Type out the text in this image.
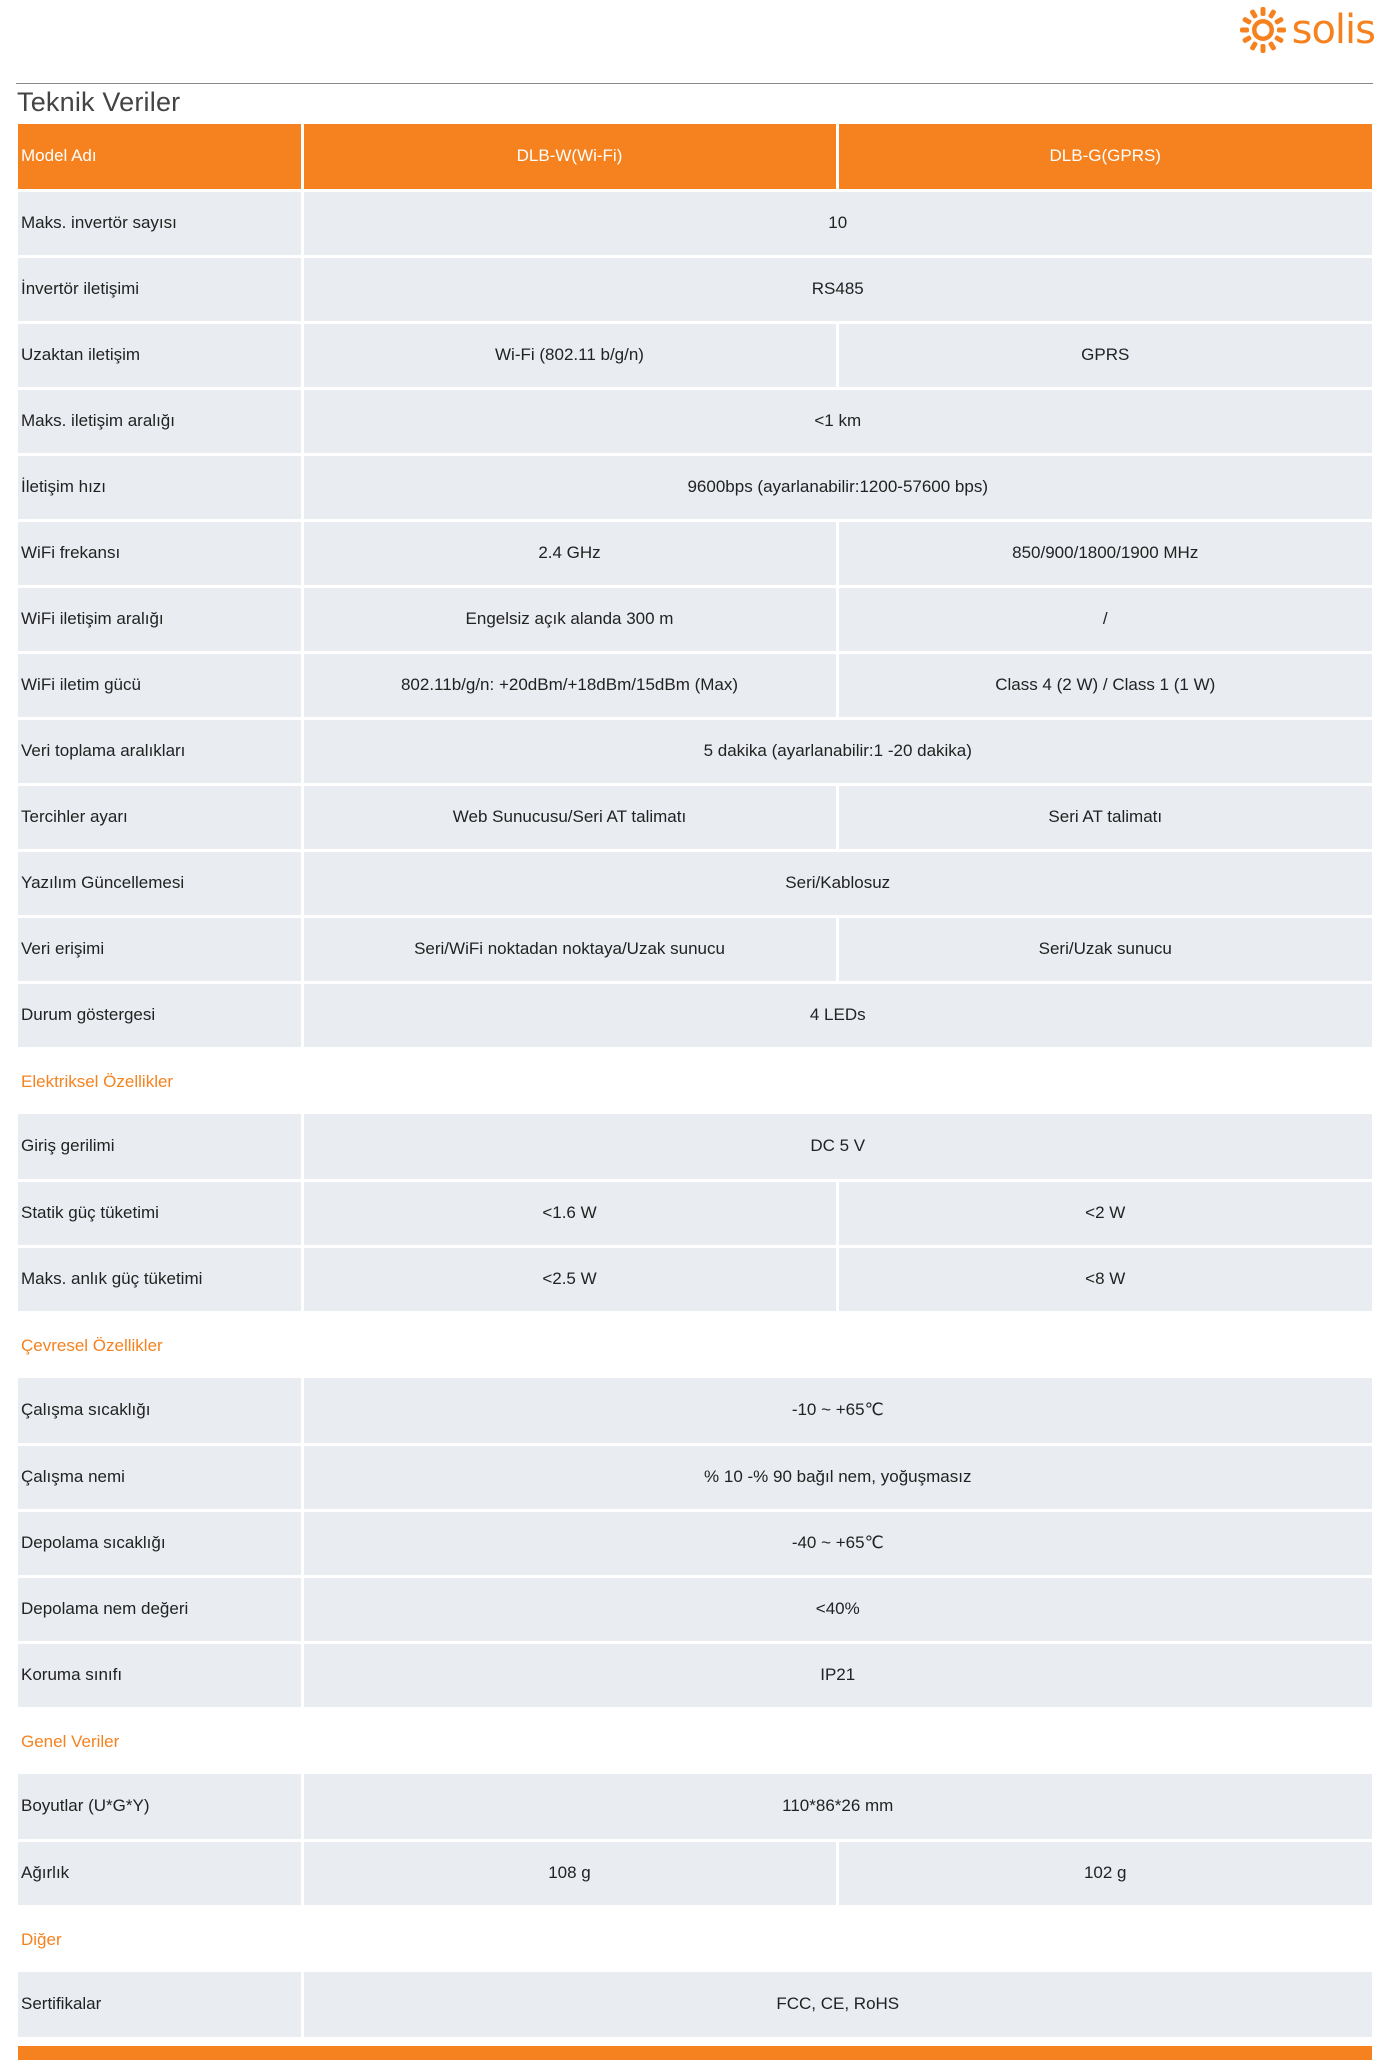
solis
Teknik Veriler
Model Adı	DLB-W(Wi-Fi)	DLB-G(GPRS)
Maks. invertör sayısı	10	
İnvertör iletişimi	RS485	
Uzaktan iletişim	Wi-Fi (802.11 b/g/n)	GPRS
Maks. iletişim aralığı	<1 km	
İletişim hızı	9600bps (ayarlanabilir:1200-57600 bps)	
WiFi frekansı	2.4 GHz	850/900/1800/1900 MHz
WiFi iletişim aralığı	Engelsiz açık alanda 300 m	/
WiFi iletim gücü	802.11b/g/n: +20dBm/+18dBm/15dBm (Max)	Class 4 (2 W) / Class 1 (1 W)
Veri toplama aralıkları	5 dakika (ayarlanabilir:1 -20 dakika)	
Tercihler ayarı	Web Sunucusu/Seri AT talimatı	Seri AT talimatı
Yazılım Güncellemesi	Seri/Kablosuz	
Veri erişimi	Seri/WiFi noktadan noktaya/Uzak sunucu	Seri/Uzak sunucu
Durum göstergesi	4 LEDs	
Elektriksel Özellikler		
Giriş gerilimi	DC 5 V	
Statik güç tüketimi	<1.6 W	<2 W
Maks. anlık güç tüketimi	<2.5 W	<8 W
Çevresel Özellikler		
Çalışma sıcaklığı	-10 ~ +65℃	
Çalışma nemi	% 10 -% 90 bağıl nem, yoğuşmasız	
Depolama sıcaklığı	-40 ~ +65℃	
Depolama nem değeri	<40%	
Koruma sınıfı	IP21	
Genel Veriler		
Boyutlar (U*G*Y)	110*86*26 mm	
Ağırlık	108 g	102 g
Diğer		
Sertifikalar	FCC, CE, RoHS	
